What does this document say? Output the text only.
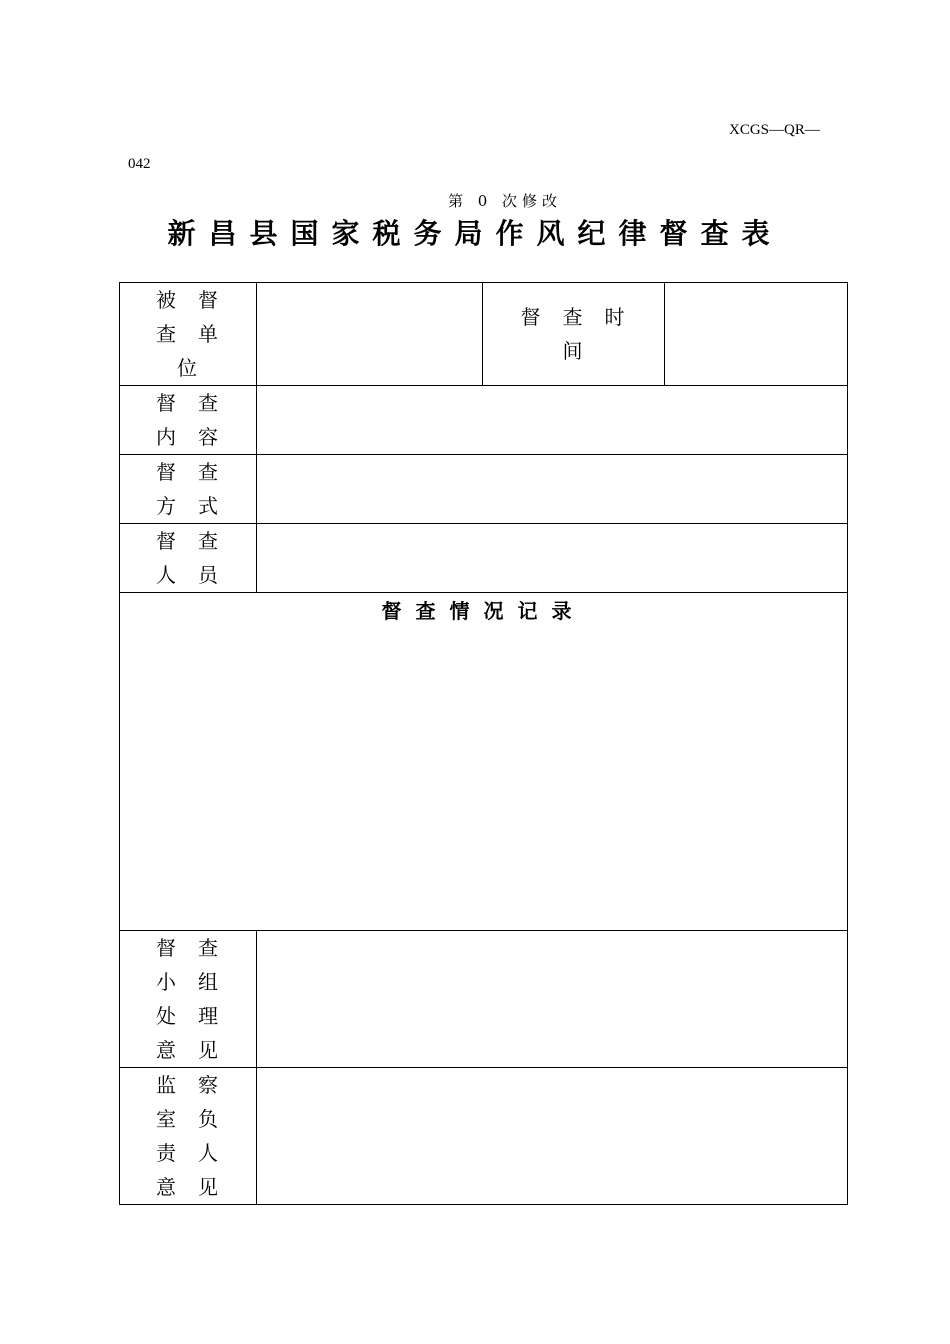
XCGS—QR—
042
第 0 次修改
新昌县国家税务局作风纪律督查表
被督
查单
位		督查时
间	

督查
内容			

督查
方式			

督查
人员			

督查情况记录			

督查
小组
处理
意见			

监察
室负
责人
意见			
